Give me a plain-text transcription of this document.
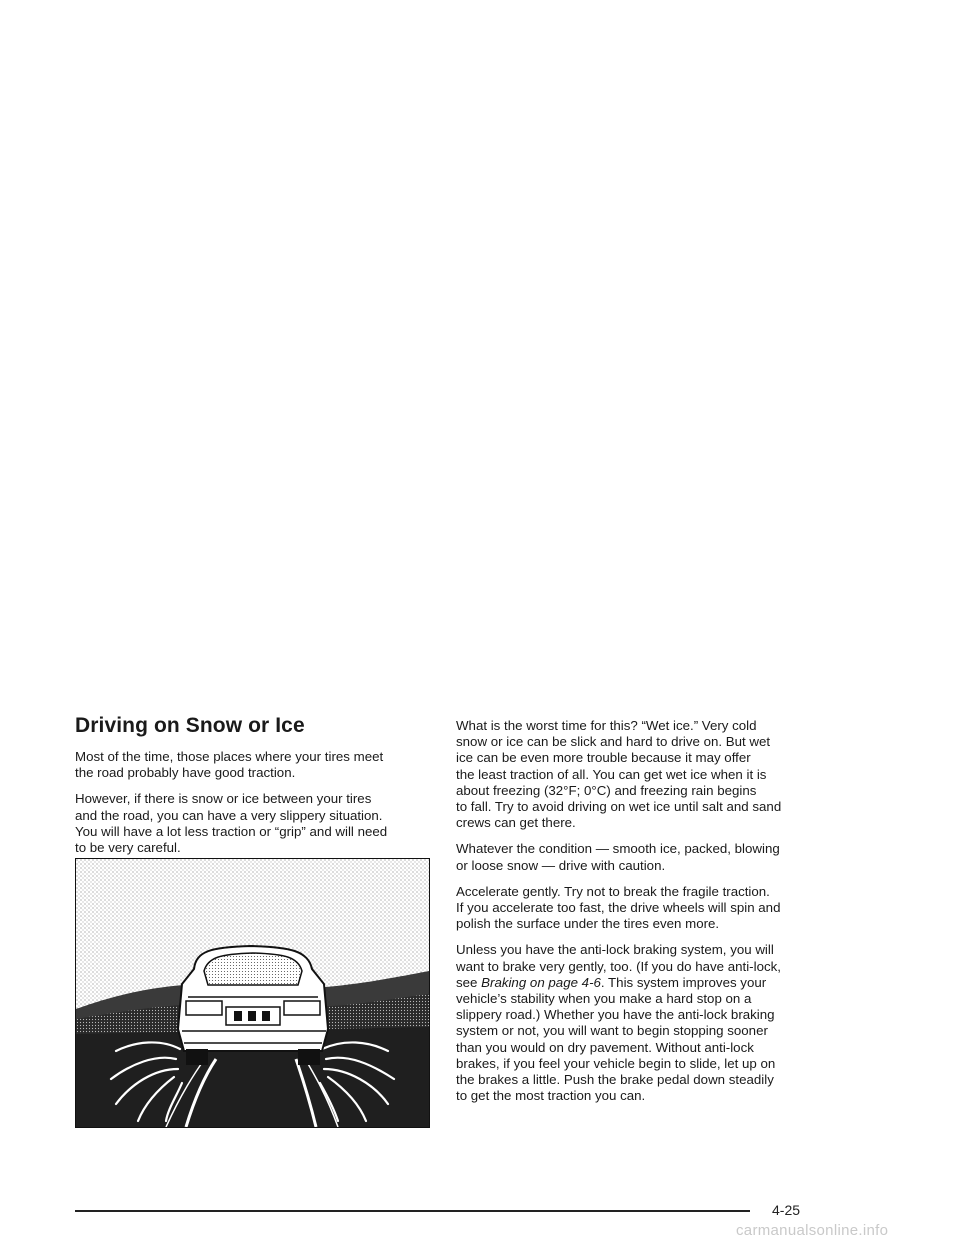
Driving on Snow or Ice

Most of the time, those places where your tires meet
the road probably have good traction.

However, if there is snow or ice between your tires
and the road, you can have a very slippery situation.
You will have a lot less traction or “grip” and will need
to be very careful.

What is the worst time for this? “Wet ice.” Very cold
snow or ice can be slick and hard to drive on. But wet
ice can be even more trouble because it may offer
the least traction of all. You can get wet ice when it is
about freezing (32°F; 0°C) and freezing rain begins
to fall. Try to avoid driving on wet ice until salt and sand
crews can get there.

Whatever the condition — smooth ice, packed, blowing
or loose snow — drive with caution.

Accelerate gently. Try not to break the fragile traction.
If you accelerate too fast, the drive wheels will spin and
polish the surface under the tires even more.

Unless you have the anti-lock braking system, you will
want to brake very gently, too. (If you do have anti-lock,
see Braking on page 4-6. This system improves your
vehicle’s stability when you make a hard stop on a
slippery road.) Whether you have the anti-lock braking
system or not, you will want to begin stopping sooner
than you would on dry pavement. Without anti-lock
brakes, if you feel your vehicle begin to slide, let up on
the brakes a little. Push the brake pedal down steadily
to get the most traction you can.

4-25
carmanualsonline.info
